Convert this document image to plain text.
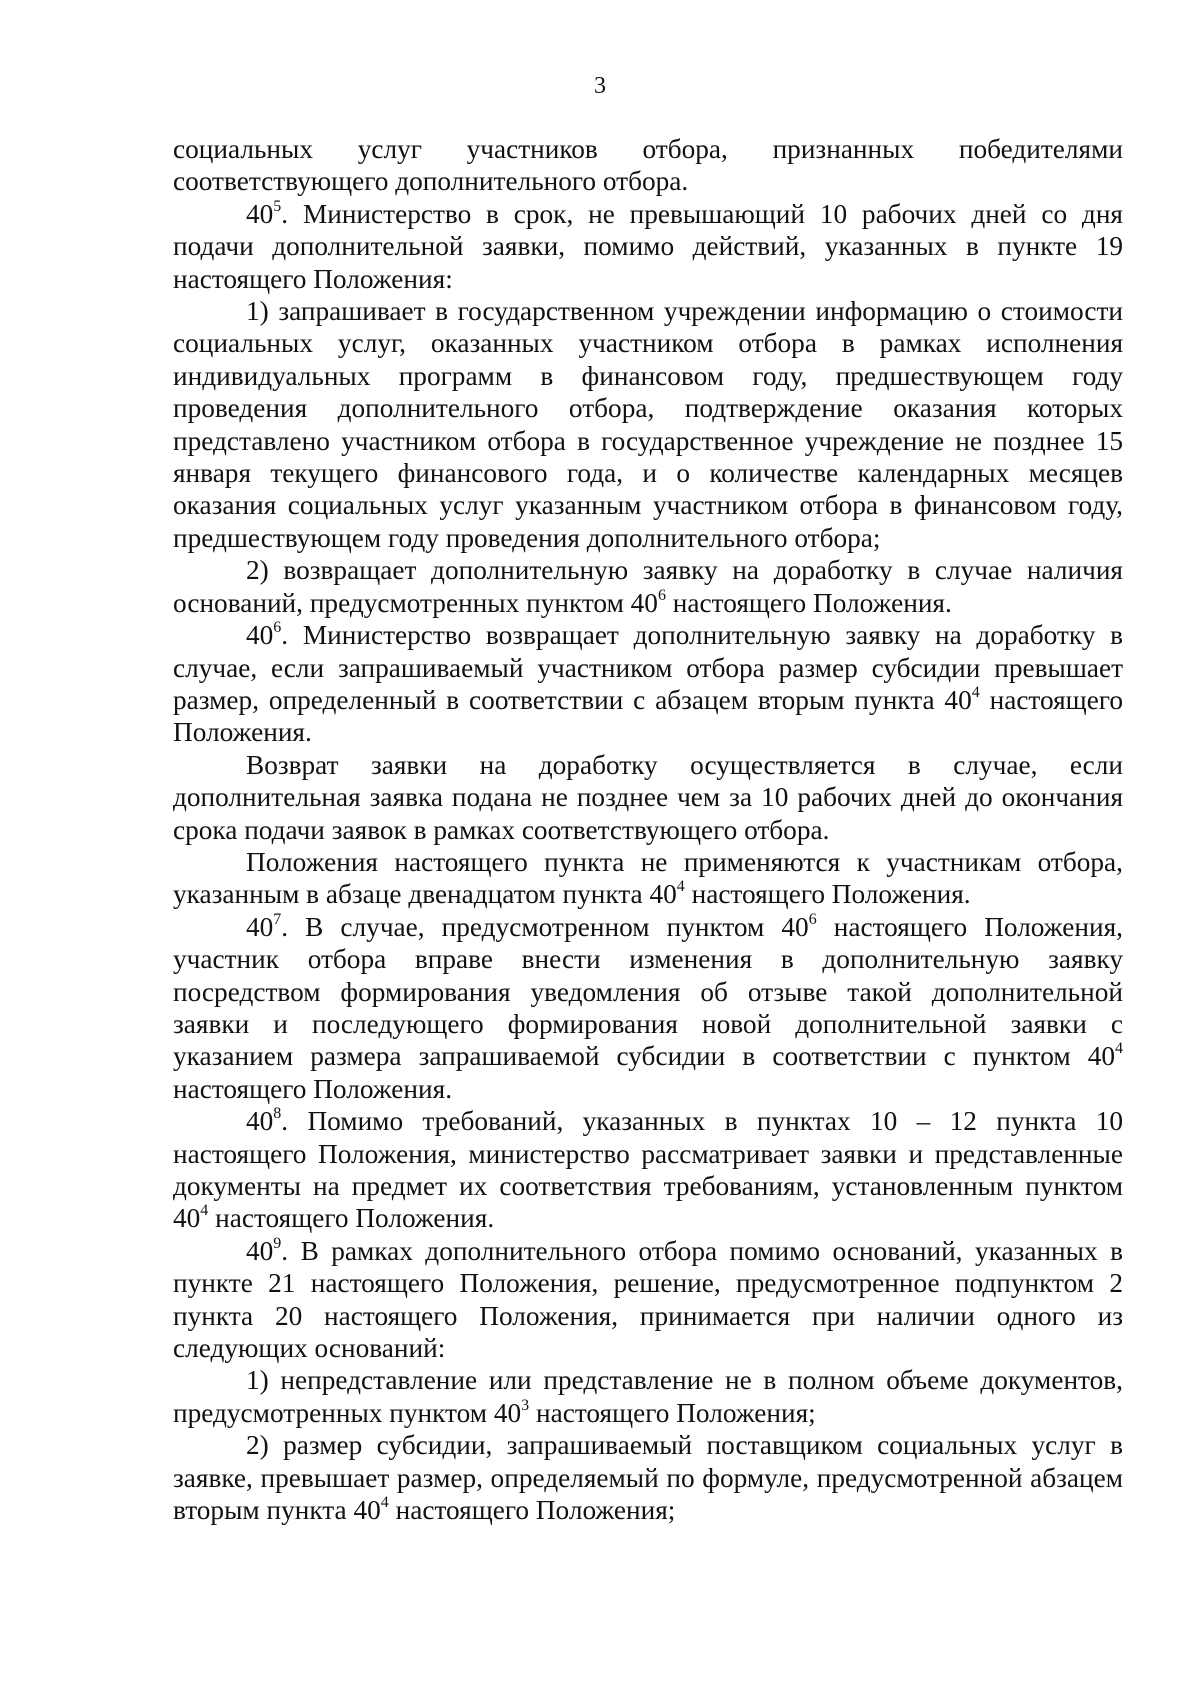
3

социальных услуг участников отбора, признанных победителями соответствующего дополнительного отбора.

$40^5$. Министерство в срок, не превышающий 10 рабочих дней со дня подачи дополнительной заявки, помимо действий, указанных в пункте 19 настоящего Положения:

1) запрашивает в государственном учреждении информацию о стоимости социальных услуг, оказанных участником отбора в рамках исполнения индивидуальных программ в финансовом году, предшествующем году проведения дополнительного отбора, подтверждение оказания которых представлено участником отбора в государственное учреждение не позднее 15 января текущего финансового года, и о количестве календарных месяцев оказания социальных услуг указанным участником отбора в финансовом году, предшествующем году проведения дополнительного отбора;

2) возвращает дополнительную заявку на доработку в случае наличия оснований, предусмотренных пунктом $40^6$ настоящего Положения.

$40^6$. Министерство возвращает дополнительную заявку на доработку в случае, если запрашиваемый участником отбора размер субсидии превышает размер, определенный в соответствии с абзацем вторым пункта $40^4$ настоящего Положения.

Возврат заявки на доработку осуществляется в случае, если дополнительная заявка подана не позднее чем за 10 рабочих дней до окончания срока подачи заявок в рамках соответствующего отбора.

Положения настоящего пункта не применяются к участникам отбора, указанным в абзаце двенадцатом пункта $40^4$ настоящего Положения.

$40^7$. В случае, предусмотренном пунктом $40^6$ настоящего Положения, участник отбора вправе внести изменения в дополнительную заявку посредством формирования уведомления об отзыве такой дополнительной заявки и последующего формирования новой дополнительной заявки с указанием размера запрашиваемой субсидии в соответствии с пунктом $40^4$ настоящего Положения.

$40^8$. Помимо требований, указанных в пунктах 10 – 12 пункта 10 настоящего Положения, министерство рассматривает заявки и представленные документы на предмет их соответствия требованиям, установленным пунктом $40^4$ настоящего Положения.

$40^9$. В рамках дополнительного отбора помимо оснований, указанных в пункте 21 настоящего Положения, решение, предусмотренное подпунктом 2 пункта 20 настоящего Положения, принимается при наличии одного из следующих оснований:

1) непредставление или представление не в полном объеме документов, предусмотренных пунктом $40^3$ настоящего Положения;

2) размер субсидии, запрашиваемый поставщиком социальных услуг в заявке, превышает размер, определяемый по формуле, предусмотренной абзацем вторым пункта $40^4$ настоящего Положения;
